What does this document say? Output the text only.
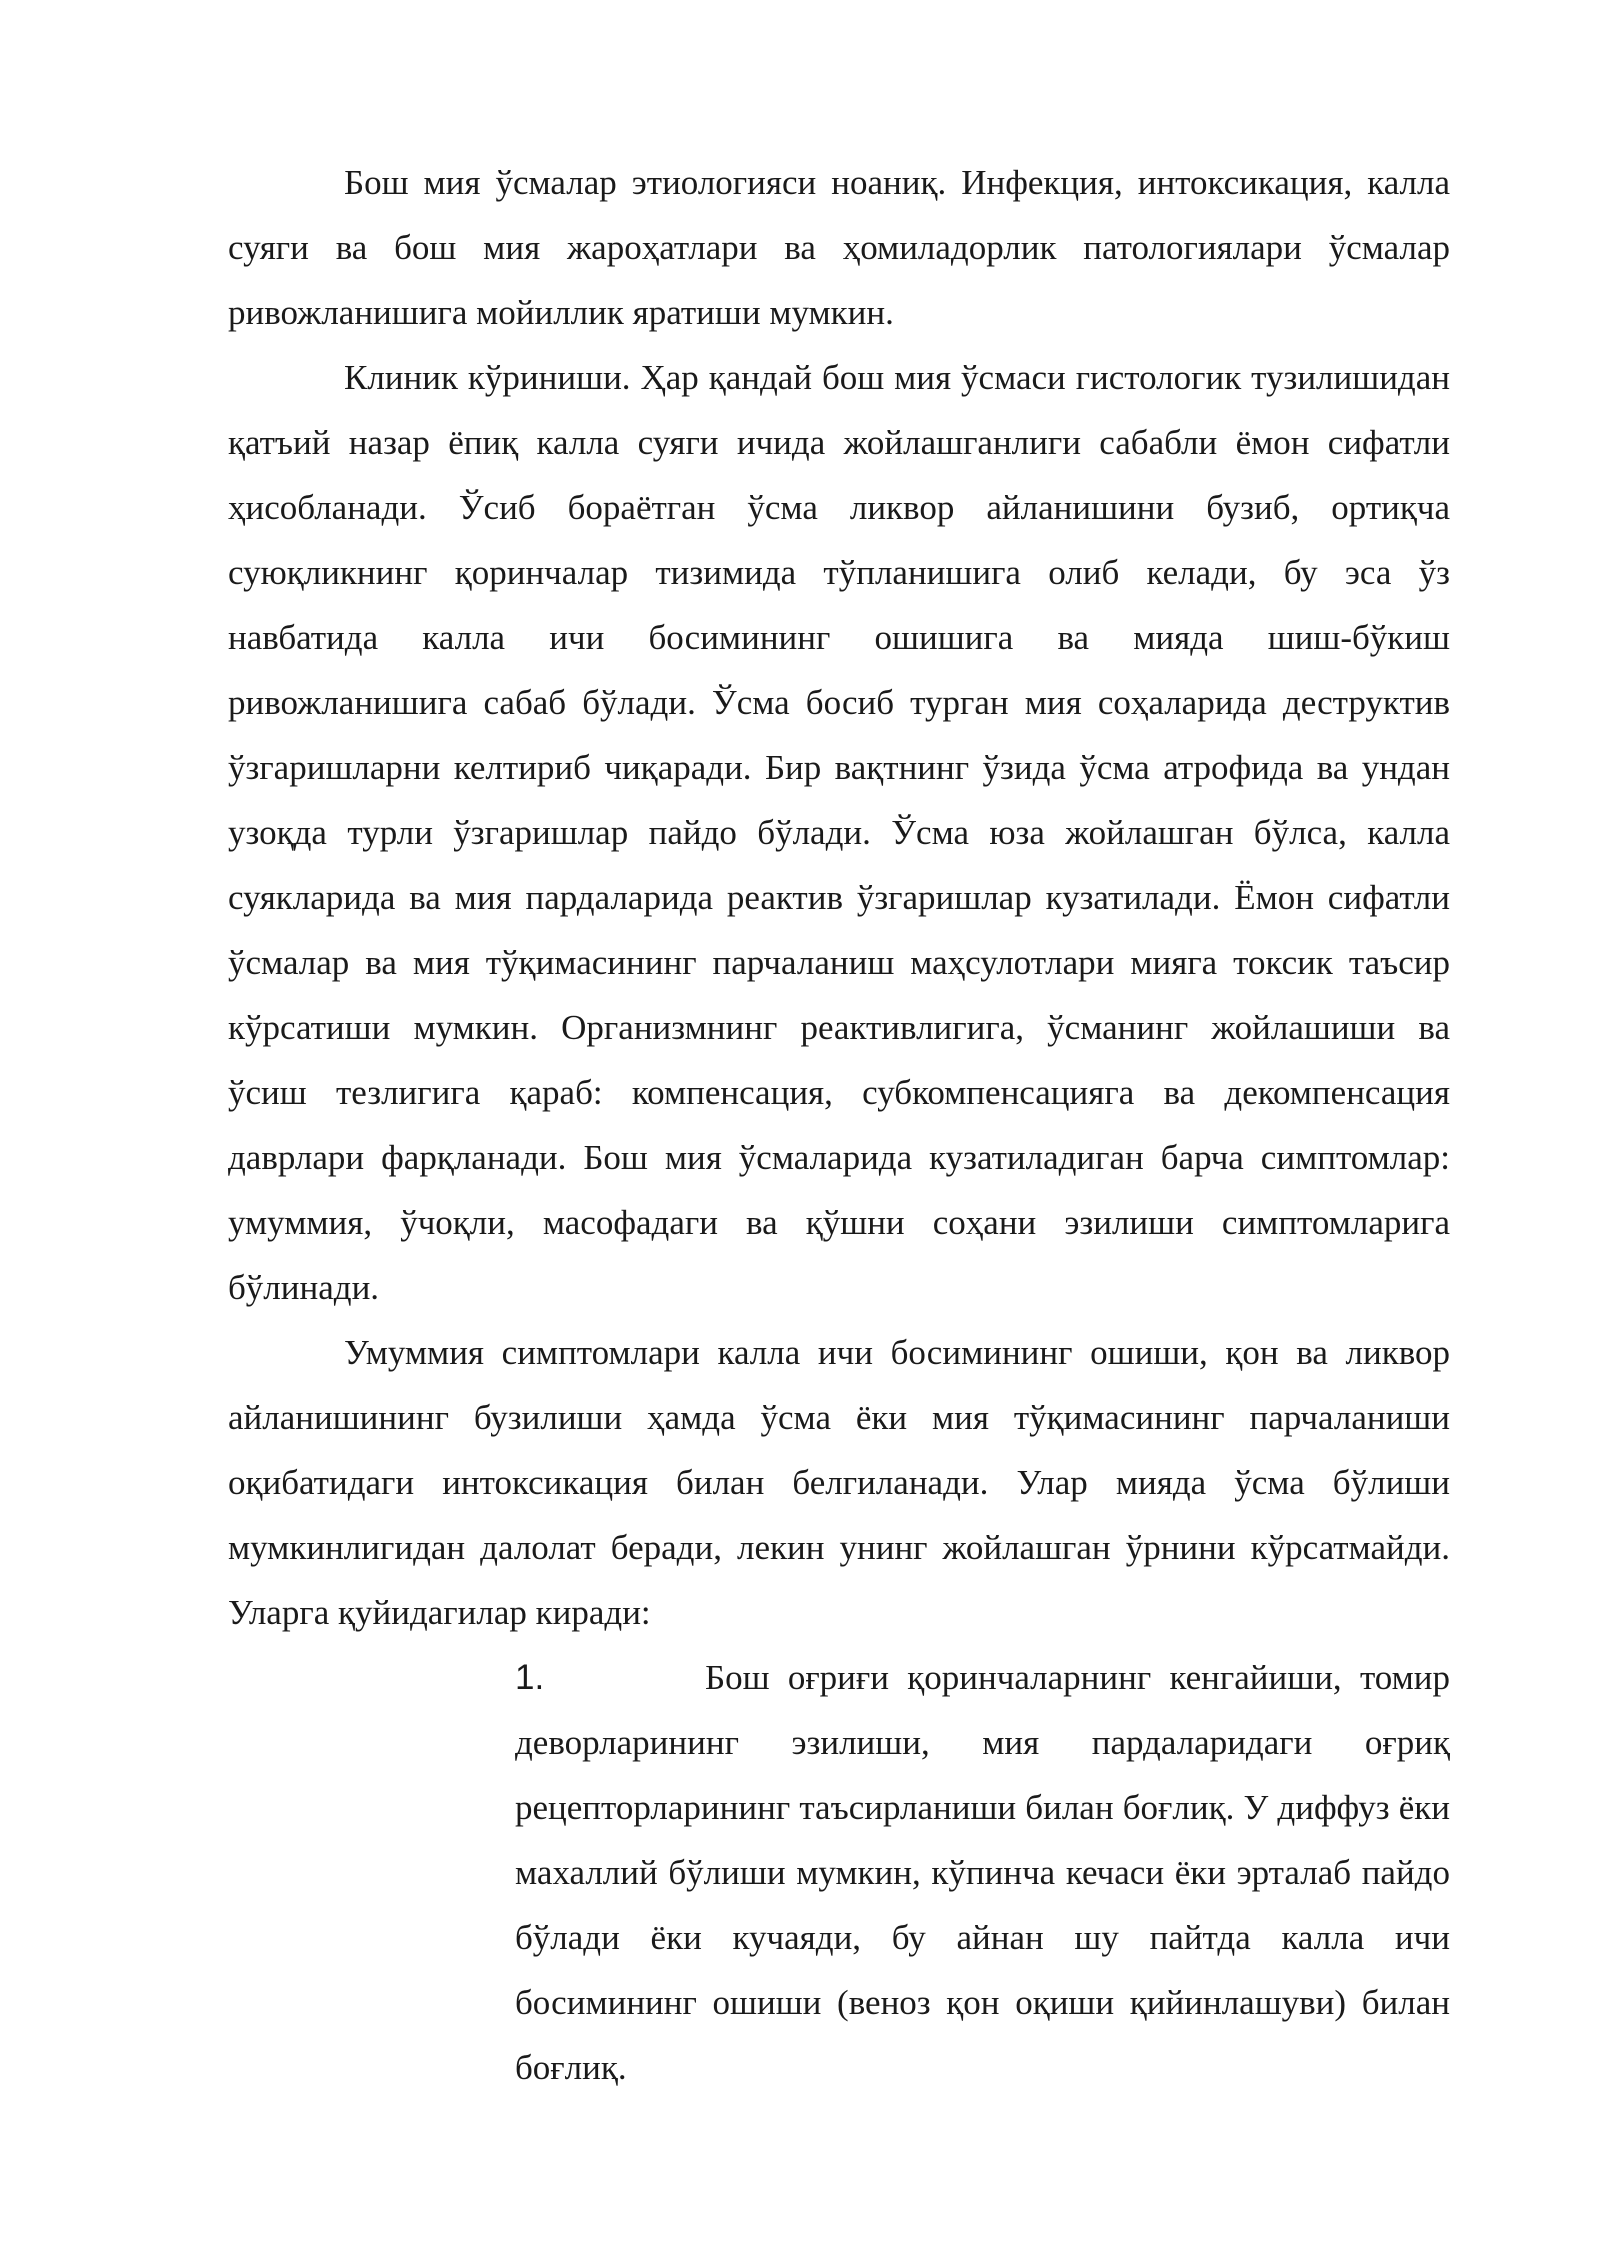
Бош мия ўсмалар этиологияси ноаниқ. Инфекция, интоксикация, калла суяги ва бош мия жароҳатлари ва ҳомиладорлик патологиялари ўсмалар ривожланишига мойиллик яратиши мумкин.

Клиник кўриниши. Ҳар қандай бош мия ўсмаси гистологик тузилишидан қатъий назар ёпиқ калла суяги ичида жойлашганлиги сабабли ёмон сифатли ҳисобланади. Ўсиб бораётган ўсма ликвор айланишини бузиб, ортиқча суюқликнинг қоринчалар тизимида тўпланишига олиб келади, бу эса ўз навбатида калла ичи босимининг ошишига ва мияда шиш-бўкиш ривожланишига сабаб бўлади. Ўсма босиб турган мия соҳаларида деструктив ўзгаришларни келтириб чиқаради. Бир вақтнинг ўзида ўсма атрофида ва ундан узоқда турли ўзгаришлар пайдо бўлади. Ўсма юза жойлашган бўлса, калла суякларида ва мия пардаларида реактив ўзгаришлар кузатилади. Ёмон сифатли ўсмалар ва мия тўқимасининг парчаланиш маҳсулотлари мияга токсик таъсир кўрсатиши мумкин. Организмнинг реактивлигига, ўсманинг жойлашиши ва ўсиш тезлигига қараб: компенсация, субкомпенсацияга ва декомпенсация даврлари фарқланади. Бош мия ўсмаларида кузатиладиган барча симптомлар: умуммия, ўчоқли, масофадаги ва қўшни соҳани эзилиши симптомларига бўлинади.

Умуммия симптомлари калла ичи босимининг ошиши, қон ва ликвор айланишининг бузилиши ҳамда ўсма ёки мия тўқимасининг парчаланиши оқибатидаги интоксикация билан белгиланади. Улар мияда ўсма бўлиши мумкинлигидан далолат беради, лекин унинг жойлашган ўрнини кўрсатмайди. Уларга қуйидагилар киради:

1.	Бош оғриғи қоринчаларнинг кенгайиши, томир деворларининг эзилиши, мия пардаларидаги оғриқ рецепторларининг таъсирланиши билан боғлиқ. У диффуз ёки махаллий бўлиши мумкин, кўпинча кечаси ёки эрталаб пайдо бўлади ёки кучаяди, бу айнан шу пайтда калла ичи босимининг ошиши (веноз қон оқиши қийинлашуви) билан боғлиқ.
